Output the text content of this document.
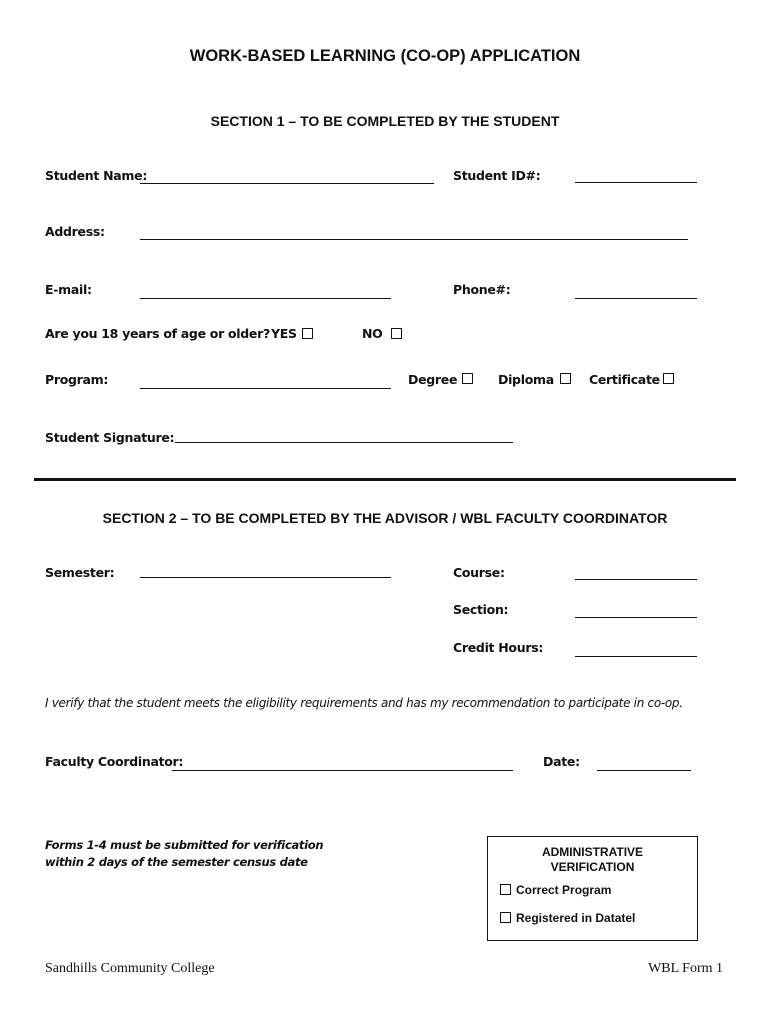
WORK-BASED LEARNING (CO-OP) APPLICATION
SECTION 1 – TO BE COMPLETED BY THE STUDENT
Student Name:	Student ID#:
Address:
E-mail:	Phone#:
Are you 18 years of age or older? YES	NO
Program:	Degree	Diploma	Certificate
Student Signature:
SECTION 2 – TO BE COMPLETED BY THE ADVISOR / WBL FACULTY COORDINATOR
Semester:	Course:
Section:
Credit Hours:
I verify that the student meets the eligibility requirements and has my recommendation to participate in co-op.
Faculty Coordinator:	Date:
Forms 1-4 must be submitted for verification
within 2 days of the semester census date
ADMINISTRATIVE
VERIFICATION
Correct Program
Registered in Datatel
Sandhills Community College	WBL Form 1
